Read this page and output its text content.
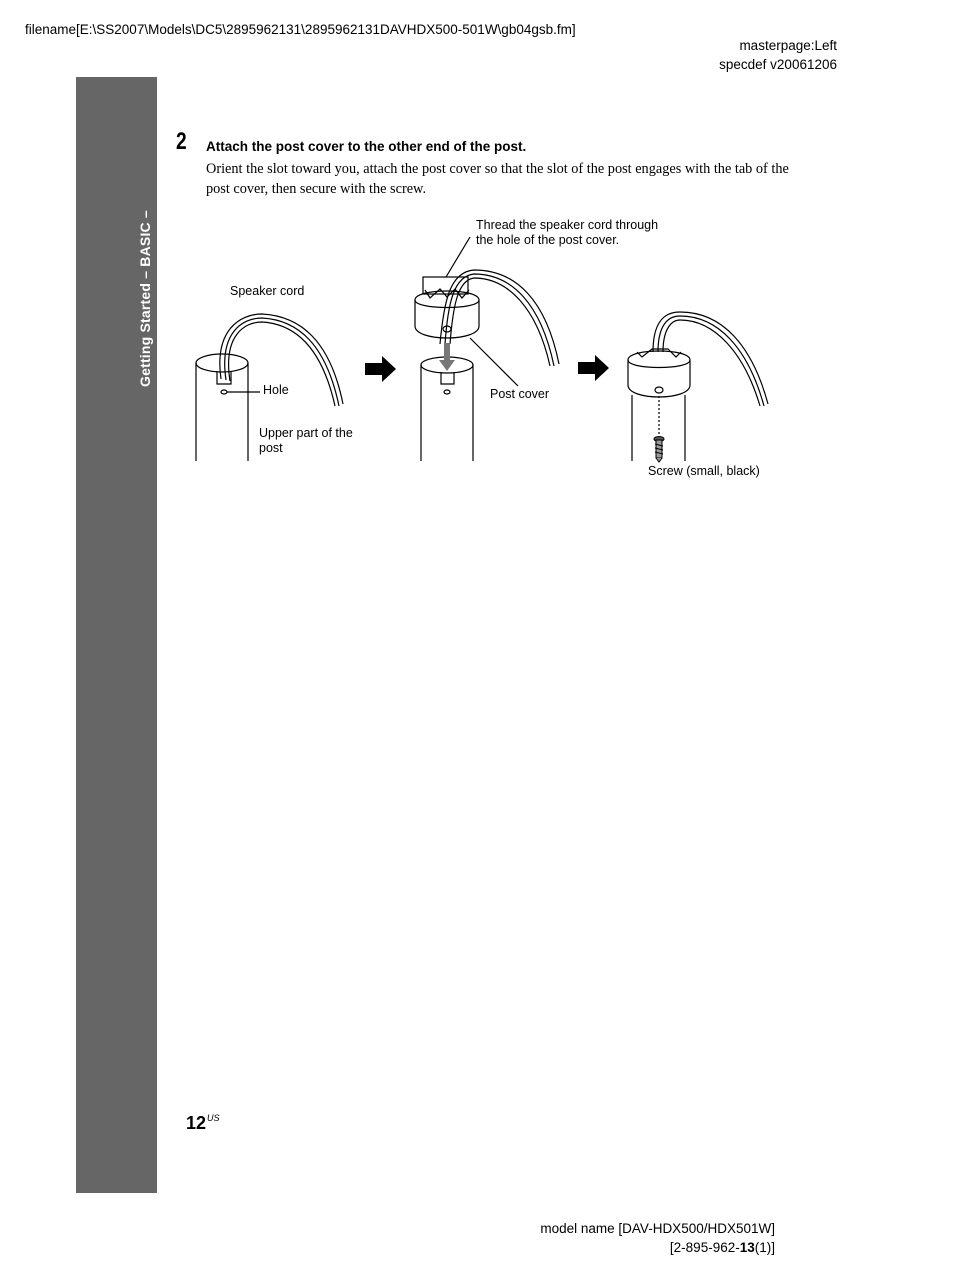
filename[E:\SS2007\Models\DC5\2895962131\2895962131DAVHDX500-501W\gb04gsb.fm]
masterpage:Left
specdef v20061206
Getting Started – BASIC –
2 Attach the post cover to the other end of the post.
Orient the slot toward you, attach the post cover so that the slot of the post engages with the tab of the post cover, then secure with the screw.
Speaker cord
Hole
Upper part of the post
Thread the speaker cord through the hole of the post cover.
Post cover
Screw (small, black)
$12^{US}$
model name [DAV-HDX500/HDX501W]
[2-895-962-13(1)]
